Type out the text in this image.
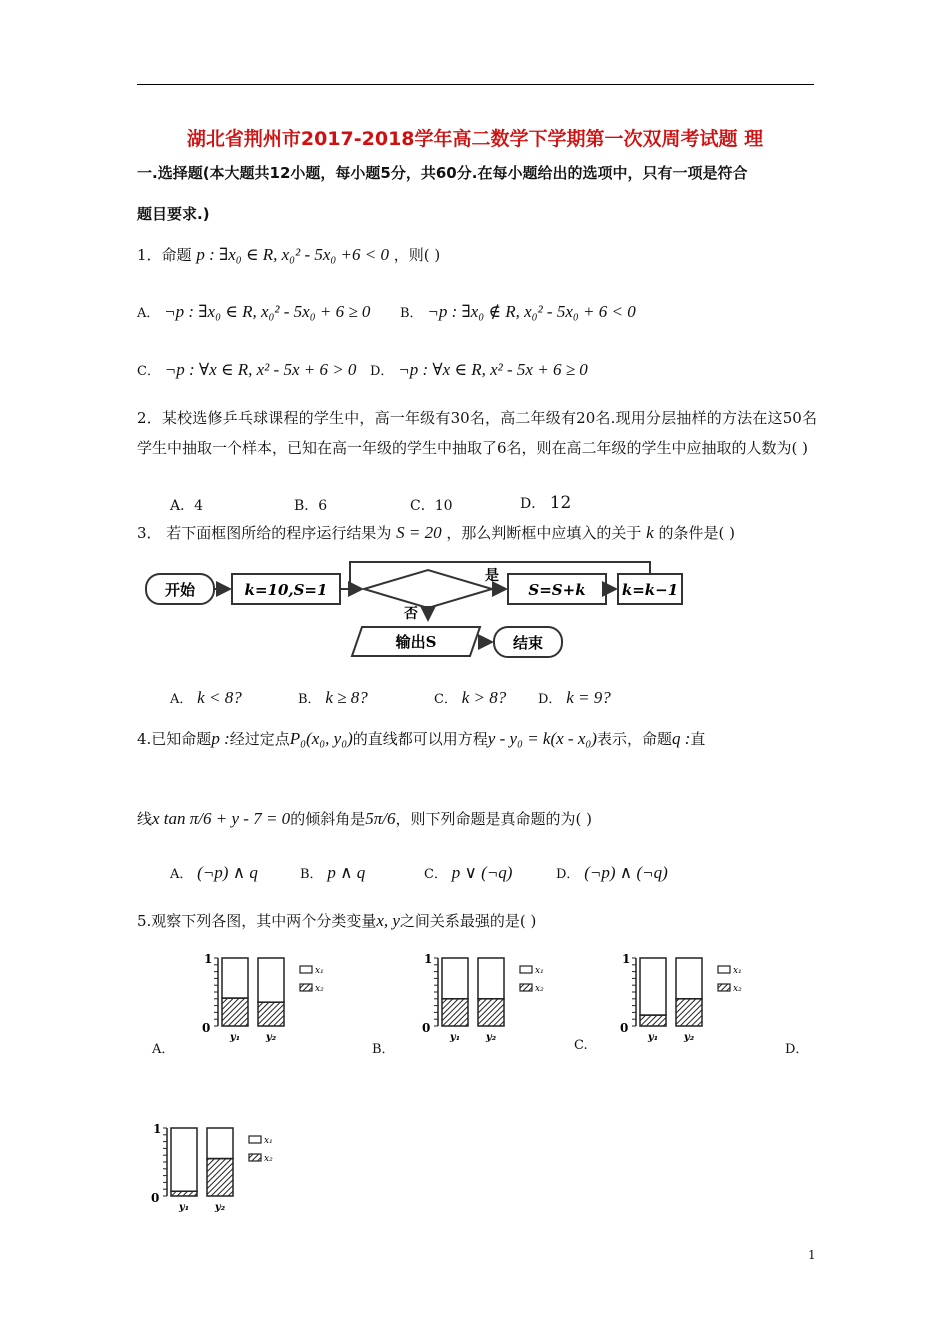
湖北省荆州市2017-2018学年高二数学下学期第一次双周考试题 理
一.选择题(本大题共12小题，每小题5分，共60分.在每小题给出的选项中，只有一项是符合
题目要求.)
1．命题 p : ∃x₀ ∈ R, x₀² - 5x₀ +6 < 0 ，则( )
A． ¬p : ∃x₀ ∈ R, x₀² - 5x₀ + 6 ≥ 0 B． ¬p : ∃x₀ ∉ R, x₀² - 5x₀ + 6 < 0
C． ¬p : ∀x ∈ R, x² - 5x + 6 > 0 D． ¬p : ∀x ∈ R, x² - 5x + 6 ≥ 0
2．某校选修乒乓球课程的学生中，高一年级有30名，高二年级有20名.现用分层抽样的方法在这50名学生中抽取一个样本，已知在高一年级的学生中抽取了6名，则在高二年级的学生中应抽取的人数为( )
A．4	B．6	C．10	D． 12
3． 若下面框图所给的程序运行结果为 S = 20 ，那么判断框中应填入的关于 k 的条件是( )
开始	k=10,S=1
是
S=S+k k=k−1
否
输出S	结束
A． k < 8?	B． k ≥ 8?	C． k > 8? D． k = 9?
4.已知命题p :经过定点P₀(x₀, y₀)的直线都可以用方程y - y₀ = k(x - x₀)表示，命题q :直
线x tan π/6 + y - 7 = 0的倾斜角是5π/6，则下列命题是真命题的为( )
A． (¬p) ∧ q	B． p ∧ q	C． p ∨ (¬q)	D． (¬p) ∧ (¬q)
5.观察下列各图，其中两个分类变量x, y之间关系最强的是( )
A．	B．	C.	D．
1
0
y₁	y₂
x₁
x₂
1
0
y₁	y₂
x₁
x₂
1
0
y₁	y₂
x₁
x₂
1
0
y₁	y₂
x₁
x₂
1
